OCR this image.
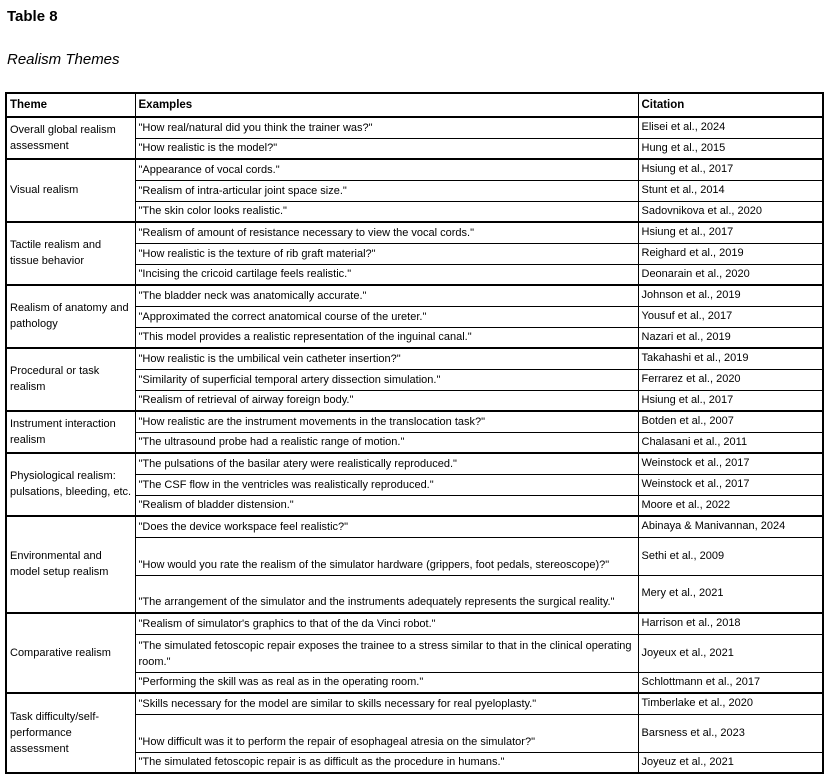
Table 8
Realism Themes
Theme	Examples	Citation
Overall global realism assessment	"How real/natural did you think the trainer was?"	Elisei et al., 2024
	"How realistic is the model?"	Hung et al., 2015
Visual realism	"Appearance of vocal cords."	Hsiung et al., 2017
	"Realism of intra-articular joint space size."	Stunt et al., 2014
	"The skin color looks realistic."	Sadovnikova et al., 2020
Tactile realism and tissue behavior	"Realism of amount of resistance necessary to view the vocal cords."	Hsiung et al., 2017
	"How realistic is the texture of rib graft material?"	Reighard et al., 2019
	"Incising the cricoid cartilage feels realistic."	Deonarain et al., 2020
Realism of anatomy and pathology	"The bladder neck was anatomically accurate."	Johnson et al., 2019
	"Approximated the correct anatomical course of the ureter."	Yousuf et al., 2017
	"This model provides a realistic representation of the inguinal canal."	Nazari et al., 2019
Procedural or task realism	"How realistic is the umbilical vein catheter insertion?"	Takahashi et al., 2019
	"Similarity of superficial temporal artery dissection simulation."	Ferrarez et al., 2020
	"Realism of retrieval of airway foreign body."	Hsiung et al., 2017
Instrument interaction realism	"How realistic are the instrument movements in the translocation task?"	Botden et al., 2007
	"The ultrasound probe had a realistic range of motion."	Chalasani et al., 2011
Physiological realism: pulsations, bleeding, etc.	"The pulsations of the basilar atery were realistically reproduced."	Weinstock et al., 2017
	"The CSF flow in the ventricles was realistically reproduced."	Weinstock et al., 2017
	"Realism of bladder distension."	Moore et al., 2022
Environmental and model setup realism	"Does the device workspace feel realistic?"	Abinaya & Manivannan, 2024
	"How would you rate the realism of the simulator hardware (grippers, foot pedals, stereoscope)?"	Sethi et al., 2009
	"The arrangement of the simulator and the instruments adequately represents the surgical reality."	Mery et al., 2021
Comparative realism	"Realism of simulator's graphics to that of the da Vinci robot."	Harrison et al., 2018
	"The simulated fetoscopic repair exposes the trainee to a stress similar to that in the clinical operating room."	Joyeux et al., 2021
	"Performing the skill was as real as in the operating room."	Schlottmann et al., 2017
Task difficulty/self-performance assessment	"Skills necessary for the model are similar to skills necessary for real pyeloplasty."	Timberlake et al., 2020
	"How difficult was it to perform the repair of esophageal atresia on the simulator?"	Barsness et al., 2023
	"The simulated fetoscopic repair is as difficult as the procedure in humans."	Joyeuz et al., 2021
